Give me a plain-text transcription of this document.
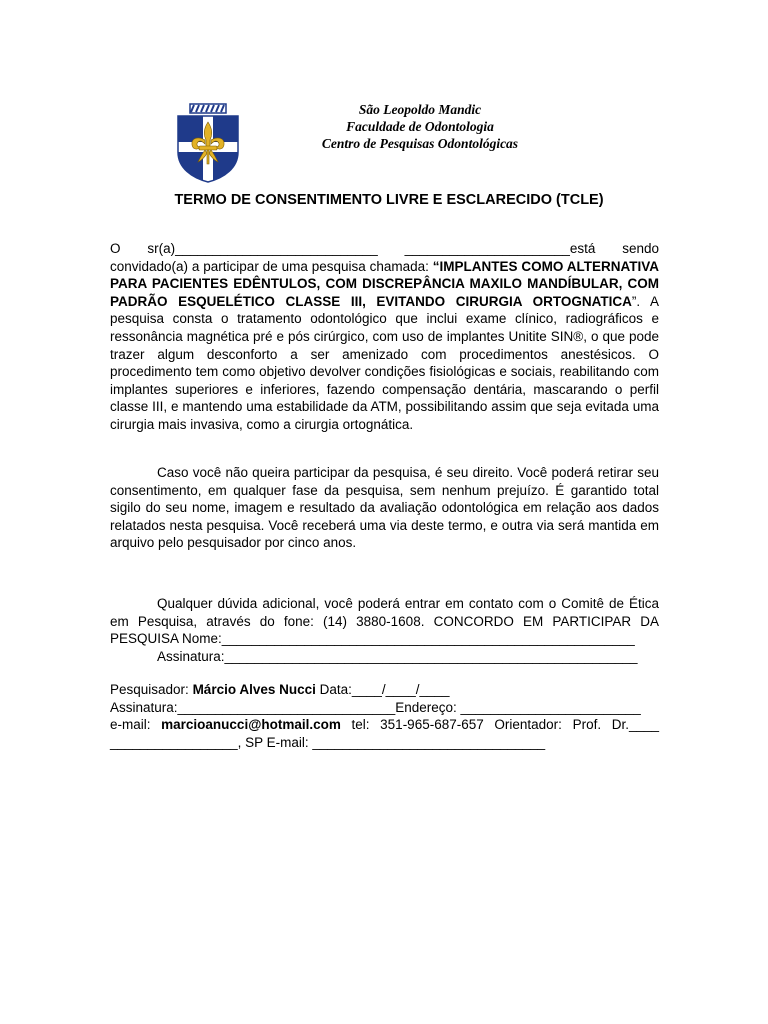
São Leopoldo Mandic
Faculdade de Odontologia
Centro de Pesquisas Odontológicas
TERMO DE CONSENTIMENTO LIVRE E ESCLARECIDO (TCLE)
O sr(a)___________________________ ______________________está sendo convidado(a) a participar de uma pesquisa chamada: “IMPLANTES COMO ALTERNATIVA PARA PACIENTES EDÊNTULOS, COM DISCREPÂNCIA MAXILO MANDÍBULAR, COM PADRÃO ESQUELÉTICO CLASSE III, EVITANDO CIRURGIA ORTOGNATICA”. A pesquisa consta o tratamento odontológico que inclui exame clínico, radiográficos e ressonância magnética pré e pós cirúrgico, com uso de implantes Unitite SIN®, o que pode trazer algum desconforto a ser amenizado com procedimentos anestésicos. O procedimento tem como objetivo devolver condições fisiológicas e sociais, reabilitando com implantes superiores e inferiores, fazendo compensação dentária, mascarando o perfil classe III, e mantendo uma estabilidade da ATM, possibilitando assim que seja evitada uma cirurgia mais invasiva, como a cirurgia ortognática.
Caso você não queira participar da pesquisa, é seu direito. Você poderá retirar seu consentimento, em qualquer fase da pesquisa, sem nenhum prejuízo. É garantido total sigilo do seu nome, imagem e resultado da avaliação odontológica em relação aos dados relatados nesta pesquisa. Você receberá uma via deste termo, e outra via será mantida em arquivo pelo pesquisador por cinco anos.
Qualquer dúvida adicional, você poderá entrar em contato com o Comitê de Ética em Pesquisa, através do fone: (14) 3880-1608. CONCORDO EM PARTICIPAR DA PESQUISA Nome:_______________________________________________________
Assinatura:_______________________________________________________
Pesquisador: Márcio Alves Nucci Data:____/____/____
Assinatura:_____________________________Endereço: ________________________
e-mail: marcioanucci@hotmail.com tel: 351-965-687-657 Orientador: Prof. Dr.____ _________________, SP E-mail: _______________________________
